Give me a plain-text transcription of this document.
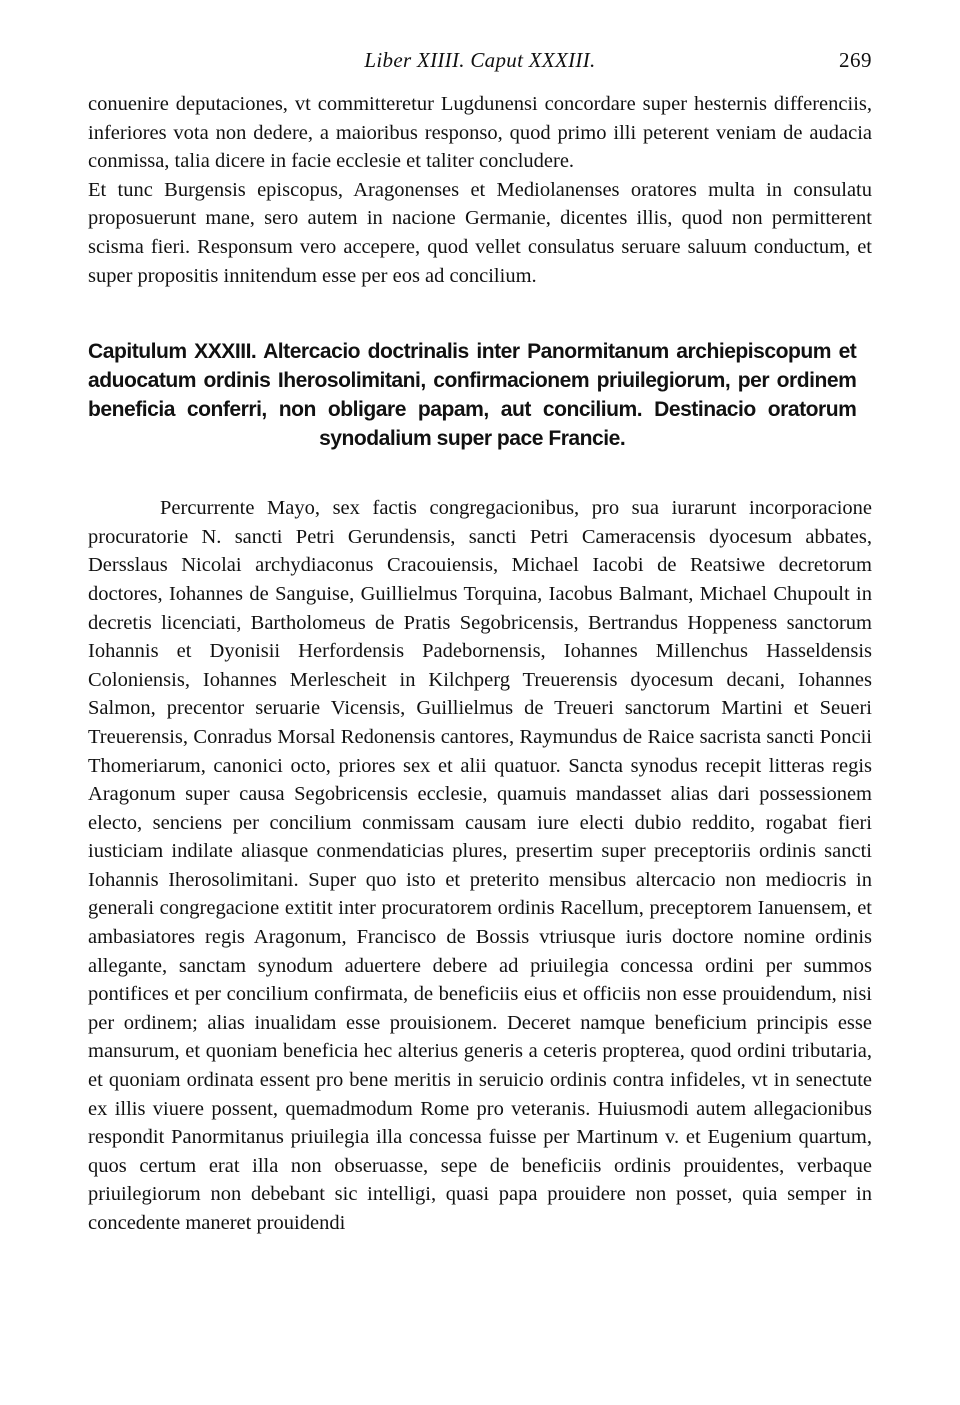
Liber XIIII. Caput XXXIII.	269

conuenire deputaciones, vt committeretur Lugdunensi concordare super hesternis differenciis, inferiores vota non dedere, a maioribus responso, quod primo illi peterent veniam de audacia conmissa, talia dicere in facie ecclesie et taliter concludere.

Et tunc Burgensis episcopus, Aragonenses et Mediolanenses oratores multa in consulatu proposuerunt mane, sero autem in nacione Germanie, dicentes illis, quod non permitterent scisma fieri. Responsum vero accepere, quod vellet consulatus seruare saluum conductum, et super propositis innitendum esse per eos ad concilium.

Capitulum XXXIII. Altercacio doctrinalis inter Panormitanum archiepiscopum et aduocatum ordinis Iherosolimitani, confirmacionem priuilegiorum, per ordinem beneficia conferri, non obligare papam, aut concilium. Destinacio oratorum synodalium super pace Francie.

Percurrente Mayo, sex factis congregacionibus, pro sua iurarunt incorporacione procuratorie N. sancti Petri Gerundensis, sancti Petri Cameracensis dyocesum abbates, Dersslaus Nicolai archydiaconus Cracouiensis, Michael Iacobi de Reatsiwe decretorum doctores, Iohannes de Sanguise, Guillielmus Torquina, Iacobus Balmant, Michael Chupoult in decretis licenciati, Bartholomeus de Pratis Segobricensis, Bertrandus Hoppeness sanctorum Iohannis et Dyonisii Herfordensis Padebornensis, Iohannes Millenchus Hasseldensis Coloniensis, Iohannes Merlescheit in Kilchperg Treuerensis dyocesum decani, Iohannes Salmon, precentor seruarie Vicensis, Guillielmus de Treueri sanctorum Martini et Seueri Treuerensis, Conradus Morsal Redonensis cantores, Raymundus de Raice sacrista sancti Poncii Thomeriarum, canonici octo, priores sex et alii quatuor. Sancta synodus recepit litteras regis Aragonum super causa Segobricensis ecclesie, quamuis mandasset alias dari possessionem electo, senciens per concilium conmissam causam iure electi dubio reddito, rogabat fieri iusticiam indilate aliasque conmendaticias plures, presertim super preceptoriis ordinis sancti Iohannis Iherosolimitani. Super quo isto et preterito mensibus altercacio non mediocris in generali congregacione extitit inter procuratorem ordinis Racellum, preceptorem Ianuensem, et ambasiatores regis Aragonum, Francisco de Bossis vtriusque iuris doctore nomine ordinis allegante, sanctam synodum aduertere debere ad priuilegia concessa ordini per summos pontifices et per concilium confirmata, de beneficiis eius et officiis non esse prouidendum, nisi per ordinem; alias inualidam esse prouisionem. Deceret namque beneficium principis esse mansurum, et quoniam beneficia hec alterius generis a ceteris propterea, quod ordini tributaria, et quoniam ordinata essent pro bene meritis in seruicio ordinis contra infideles, vt in senectute ex illis viuere possent, quemadmodum Rome pro veteranis. Huiusmodi autem allegacionibus respondit Panormitanus priuilegia illa concessa fuisse per Martinum v. et Eugenium quartum, quos certum erat illa non obseruasse, sepe de beneficiis ordinis prouidentes, verbaque priuilegiorum non debebant sic intelligi, quasi papa prouidere non posset, quia semper in concedente maneret prouidendi
